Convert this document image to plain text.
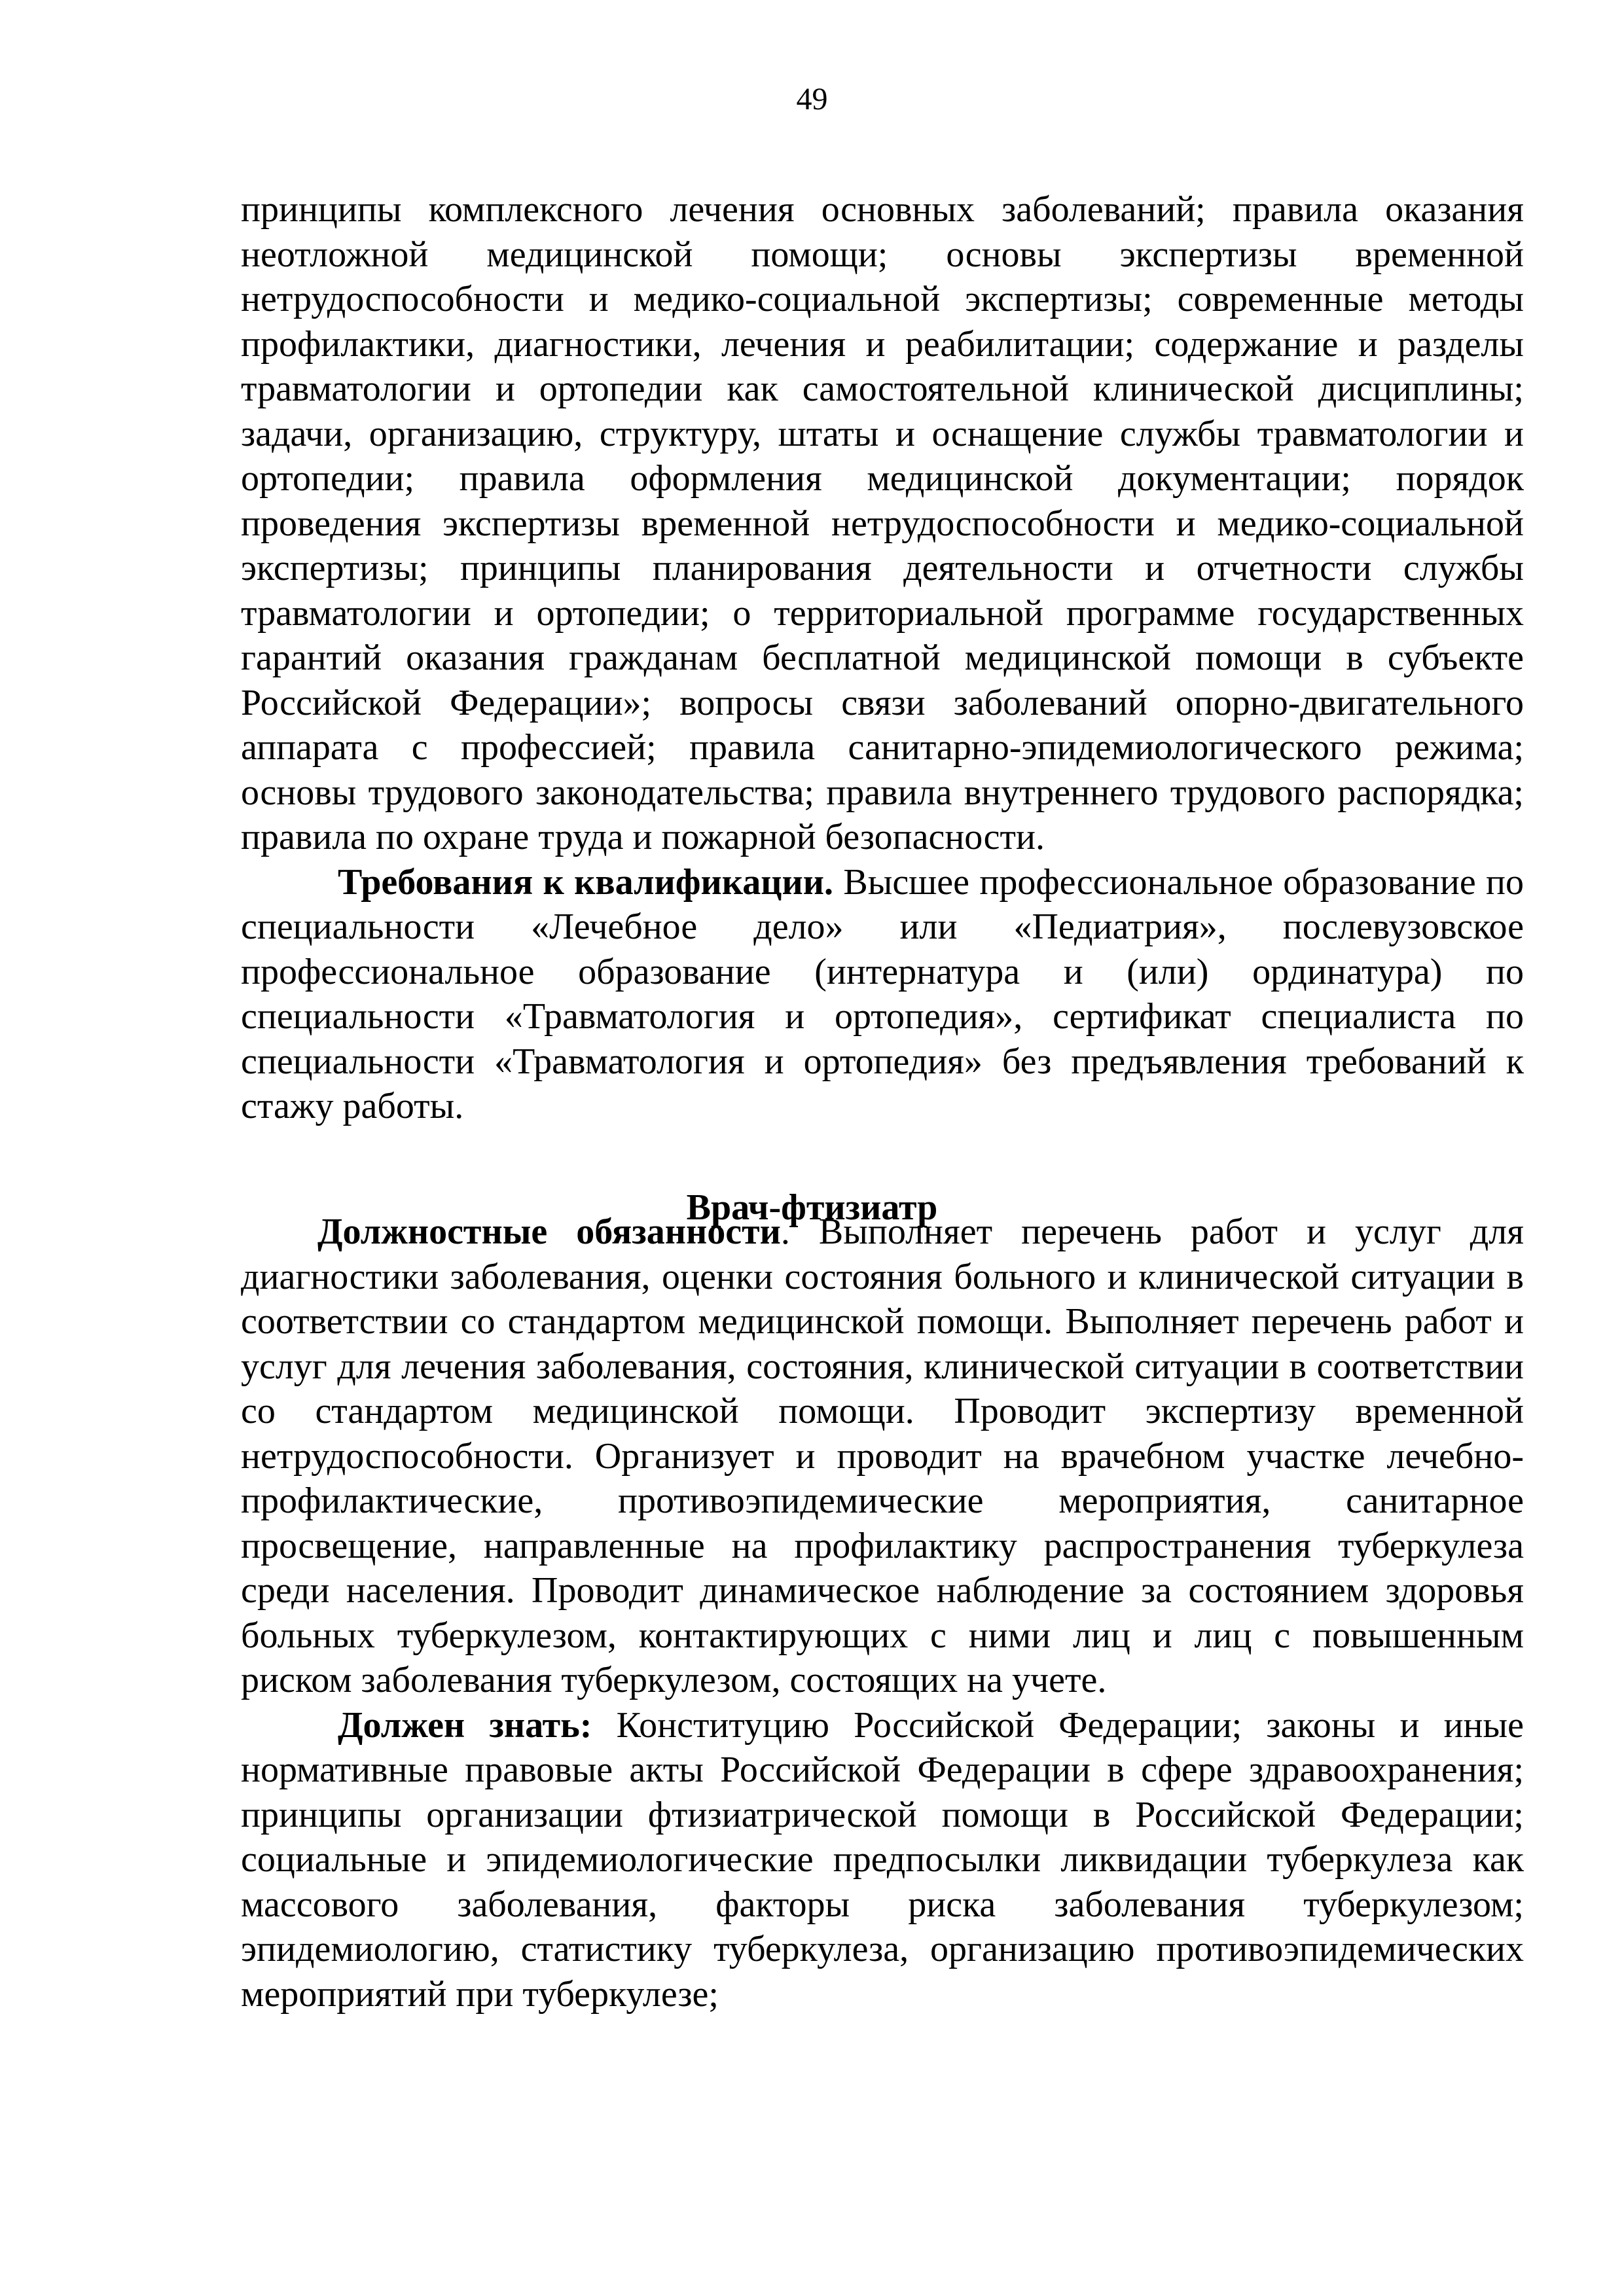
49

принципы комплексного лечения основных заболеваний; правила оказания неотложной медицинской помощи; основы экспертизы временной нетрудоспособности и медико-социальной экспертизы; современные методы профилактики, диагностики, лечения и реабилитации; содержание и разделы травматологии и ортопедии как самостоятельной клинической дисциплины; задачи, организацию, структуру, штаты и оснащение службы травматологии и ортопедии; правила оформления медицинской документации; порядок проведения экспертизы временной нетрудоспособности и медико-социальной экспертизы; принципы планирования деятельности и отчетности службы травматологии и ортопедии; о территориальной программе государственных гарантий оказания гражданам бесплатной медицинской помощи в субъекте Российской Федерации»; вопросы связи заболеваний опорно-двигательного аппарата с профессией; правила санитарно-эпидемиологического режима; основы трудового законодательства; правила внутреннего трудового распорядка; правила по охране труда и пожарной безопасности.

Требования к квалификации. Высшее профессиональное образование по специальности «Лечебное дело» или «Педиатрия», послевузовское профессиональное образование (интернатура и (или) ординатура) по специальности «Травматология и ортопедия», сертификат специалиста по специальности «Травматология и ортопедия» без предъявления требований к стажу работы.

Врач-фтизиатр

Должностные обязанности. Выполняет перечень работ и услуг для диагностики заболевания, оценки состояния больного и клинической ситуации в соответствии со стандартом медицинской помощи. Выполняет перечень работ и услуг для лечения заболевания, состояния, клинической ситуации в соответствии со стандартом медицинской помощи. Проводит экспертизу временной нетрудоспособности. Организует и проводит на врачебном участке лечебно-профилактические, противоэпидемические мероприятия, санитарное просвещение, направленные на профилактику распространения туберкулеза среди населения. Проводит динамическое наблюдение за состоянием здоровья больных туберкулезом, контактирующих с ними лиц и лиц с повышенным риском заболевания туберкулезом, состоящих на учете.

Должен знать: Конституцию Российской Федерации; законы и иные нормативные правовые акты Российской Федерации в сфере здравоохранения; принципы организации фтизиатрической помощи в Российской Федерации; социальные и эпидемиологические предпосылки ликвидации туберкулеза как массового заболевания, факторы риска заболевания туберкулезом; эпидемиологию, статистику туберкулеза, организацию противоэпидемических мероприятий при туберкулезе;
